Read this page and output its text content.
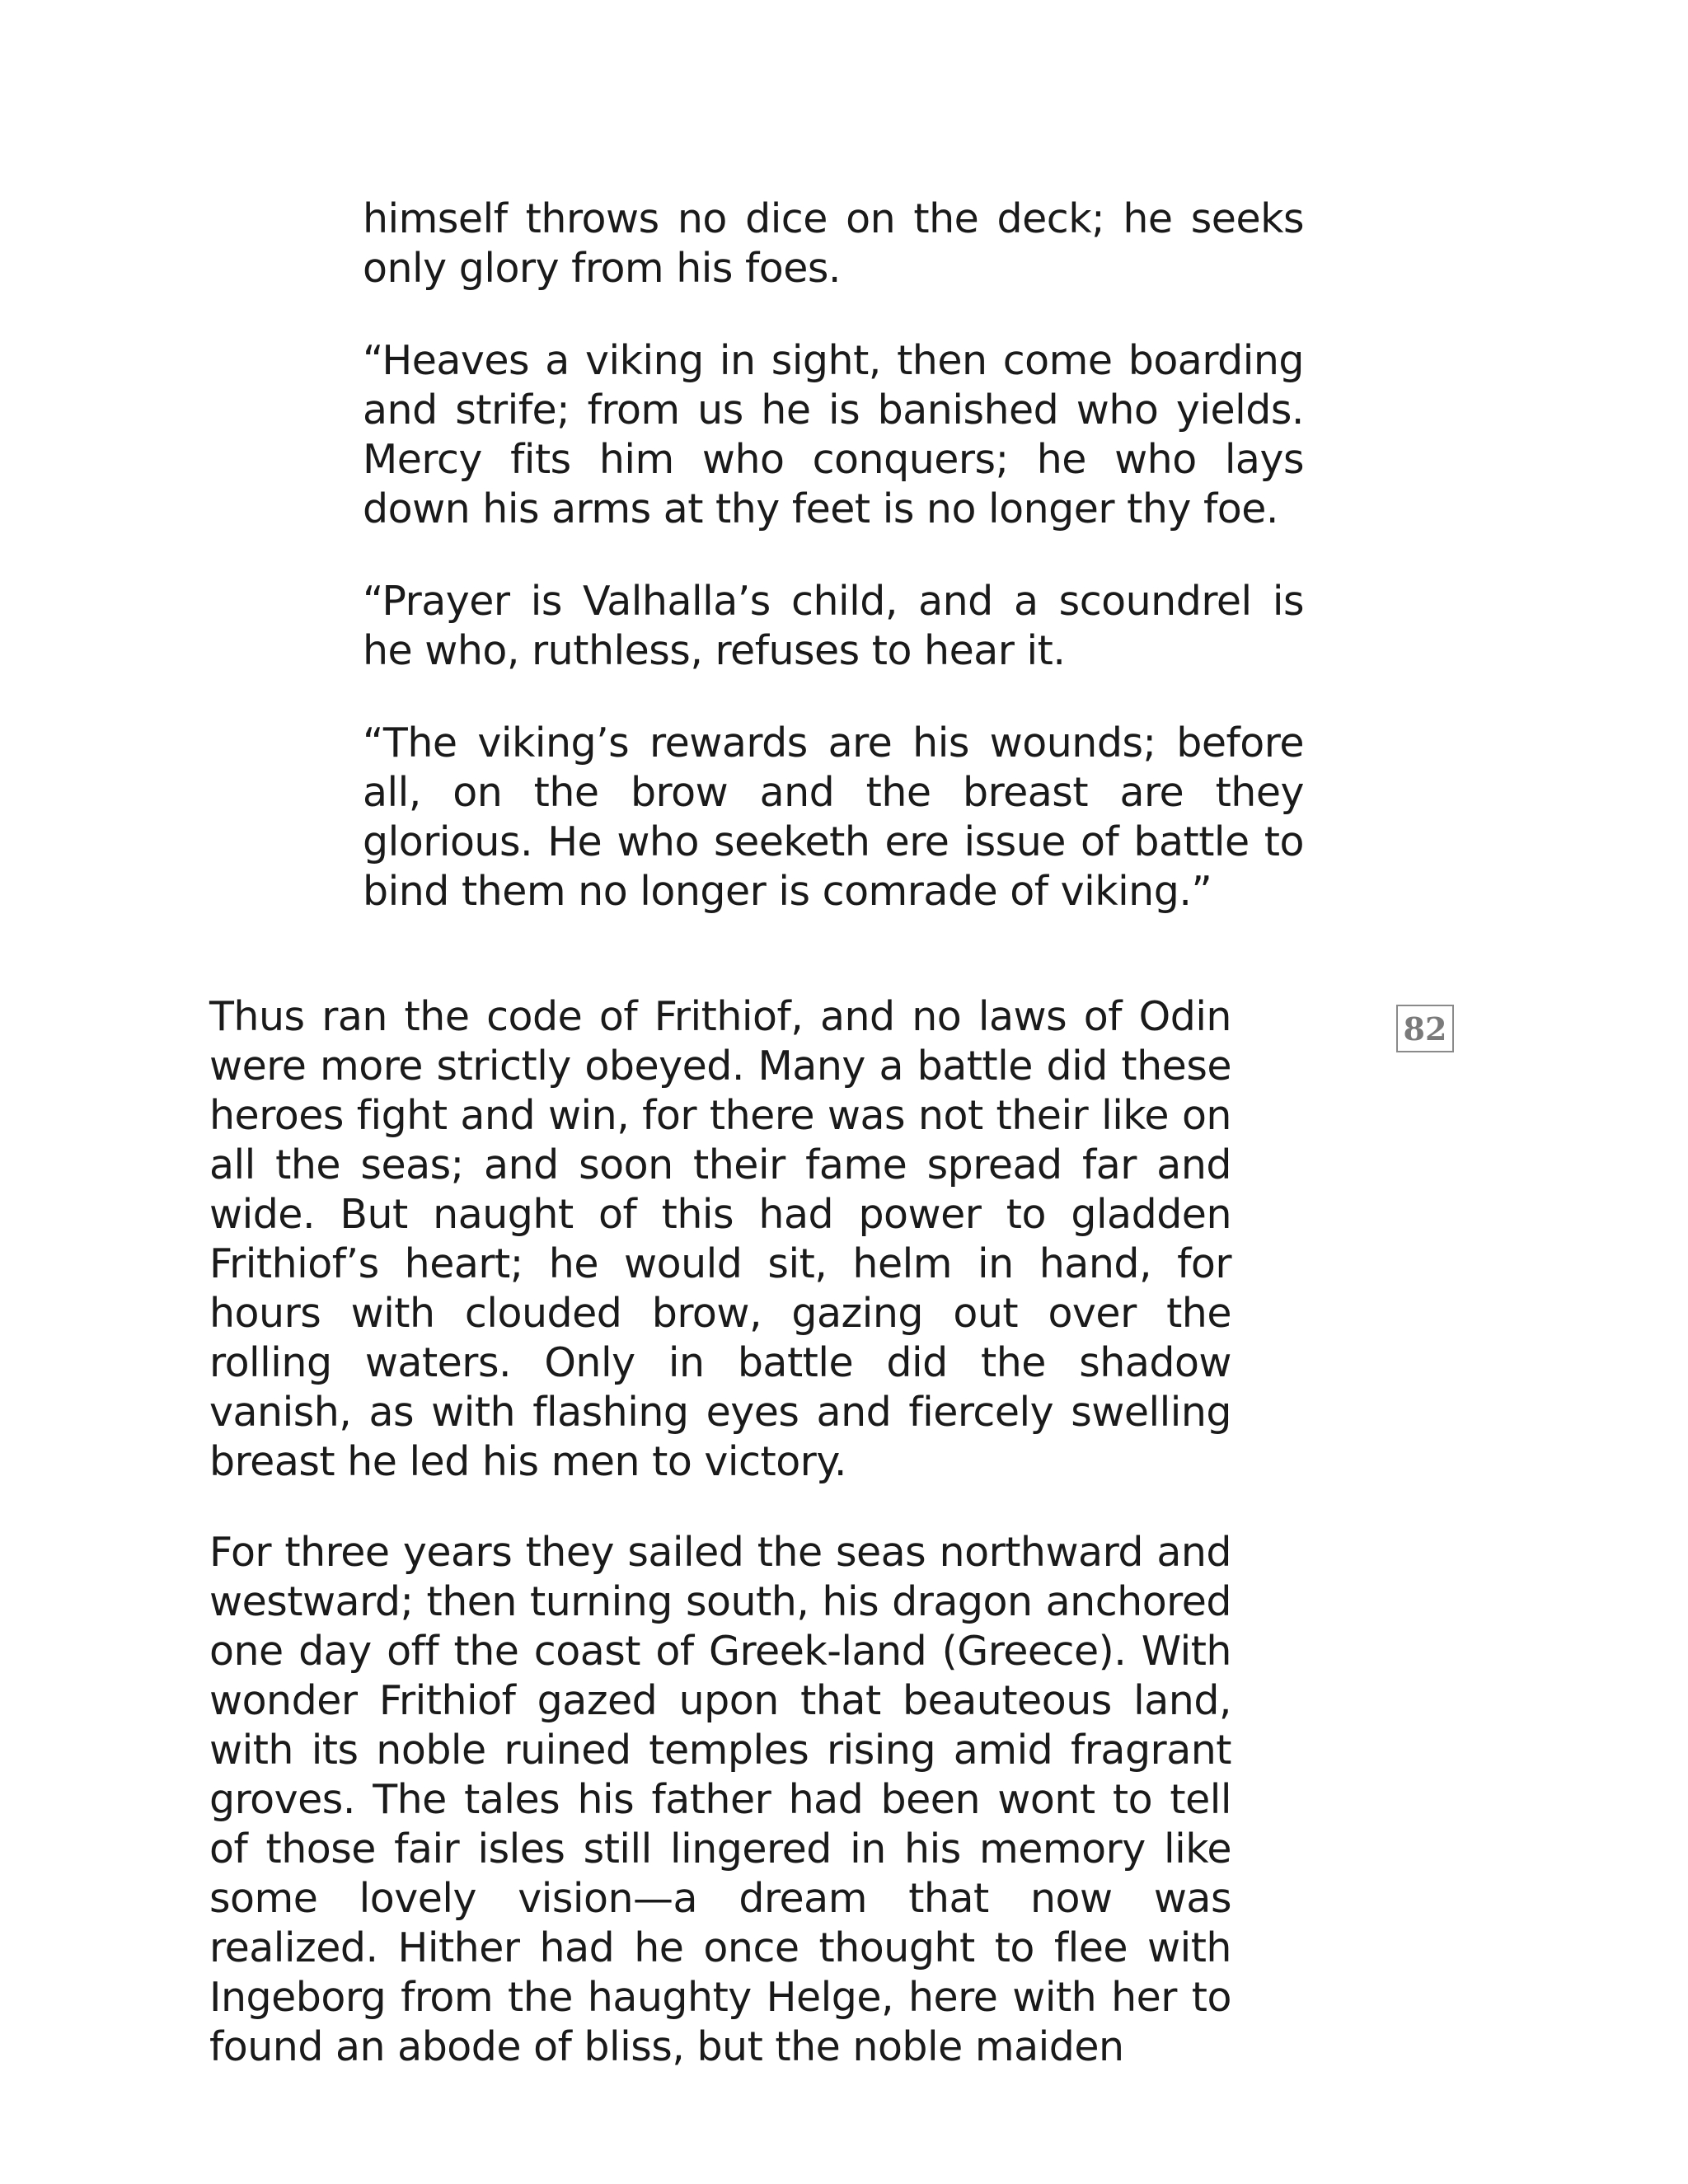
himself throws no dice on the deck; he seeks only glory from his foes.

“Heaves a viking in sight, then come boarding and strife; from us he is banished who yields. Mercy fits him who conquers; he who lays down his arms at thy feet is no longer thy foe.

“Prayer is Valhalla’s child, and a scoundrel is he who, ruthless, refuses to hear it.

“The viking’s rewards are his wounds; before all, on the brow and the breast are they glorious. He who seeketh ere issue of battle to bind them no longer is comrade of viking.”

Thus ran the code of Frithiof, and no laws of Odin were more strictly obeyed. Many a battle did these heroes fight and win, for there was not their like on all the seas; and soon their fame spread far and wide. But naught of this had power to gladden Frithiof’s heart; he would sit, helm in hand, for hours with clouded brow, gazing out over the rolling waters. Only in battle did the shadow vanish, as with flashing eyes and fiercely swelling breast he led his men to victory.

For three years they sailed the seas northward and westward; then turning south, his dragon anchored one day off the coast of Greek-land (Greece). With wonder Frithiof gazed upon that beauteous land, with its noble ruined temples rising amid fragrant groves. The tales his father had been wont to tell of those fair isles still lingered in his memory like some lovely vision—a dream that now was realized. Hither had he once thought to flee with Ingeborg from the haughty Helge, here with her to found an abode of bliss, but the noble maiden

82
